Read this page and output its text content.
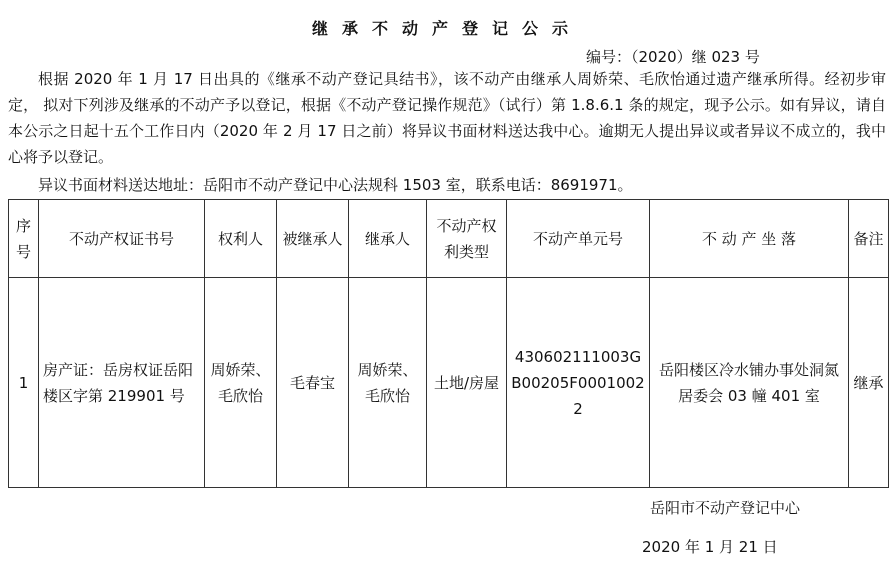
继承不动产登记公示
编号：（2020）继 023 号
根据 2020 年 1 月 17 日出具的《继承不动产登记具结书》，该不动产由继承人周娇荣、毛欣怡通过遗产继承所得。经初步审定， 拟对下列涉及继承的不动产予以登记，根据《不动产登记操作规范》（试行）第 1.8.6.1 条的规定，现予公示。如有异议，请自本公示之日起十五个工作日内（2020 年 2 月 17 日之前）将异议书面材料送达我中心。逾期无人提出异议或者异议不成立的，我中心将予以登记。
异议书面材料送达地址：岳阳市不动产登记中心法规科 1503 室，联系电话：8691971。
序号	不动产权证书号	权利人	被继承人	继承人	不动产权利类型	不动产单元号	不 动 产 坐 落	备注
1	房产证：岳房权证岳阳楼区字第 219901 号	周娇荣、毛欣怡	毛春宝	周娇荣、毛欣怡	土地/房屋	430602111003GB00205F00010022	岳阳楼区冷水铺办事处洞氮居委会 03 幢 401 室	继承
岳阳市不动产登记中心
2020 年 1 月 21 日
